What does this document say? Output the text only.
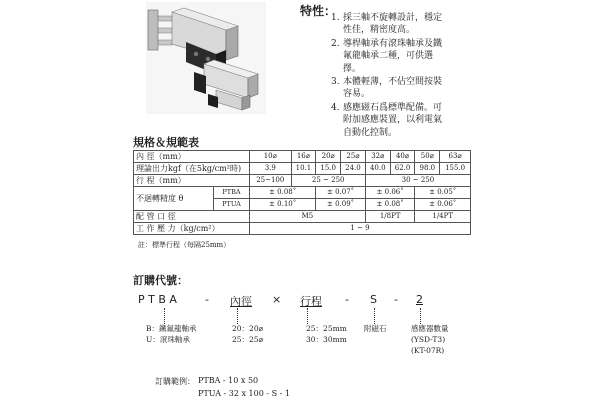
特性：
1. 採三軸不旋轉設計，穩定性佳，精密度高。
2. 導桿軸承有滾珠軸承及鐵氟龍軸承二種，可供選擇。
3. 本體輕薄，不佔空間按裝容易。
4. 感應磁石爲標準配備。可附加感應裝置，以利電氣自動化控制。
規格＆規範表
內 徑（mm）		10⌀	16⌀	20⌀	25⌀	32⌀	40⌀	50⌀	63⌀
理論出力kgf（在5kg/cm²時)		3.9	10.1	15.0	24.0	40.0	62.0	98.0	155.0
行 程（mm）		25~100	25 ~ 250			30 ~ 250			
不迴轉精度 θ	PTBA	± 0.08˚		± 0.07˚		± 0.06˚		± 0.05˚	
	PTUA	± 0.10˚		± 0.09˚		± 0.08˚		± 0.06˚	
配 管 口 徑		M5				1/8PT		1/4PT	
工 作 壓 力（kg/cm²）		1 ~ 9							
註：標準行程（每隔25mm）
訂購代號：
P T B A	- 內徑 × 行程 - S - 2
B：鐵氟龍軸承
U：滾珠軸承
20：20⌀
25：25⌀
25：25mm
30：30mm
附磁石	感應器數量
(YSD-T3)
(KT-07R)
訂購範例： PTBA - 10 x 50
PTUA - 32 x 100 - S - 1
